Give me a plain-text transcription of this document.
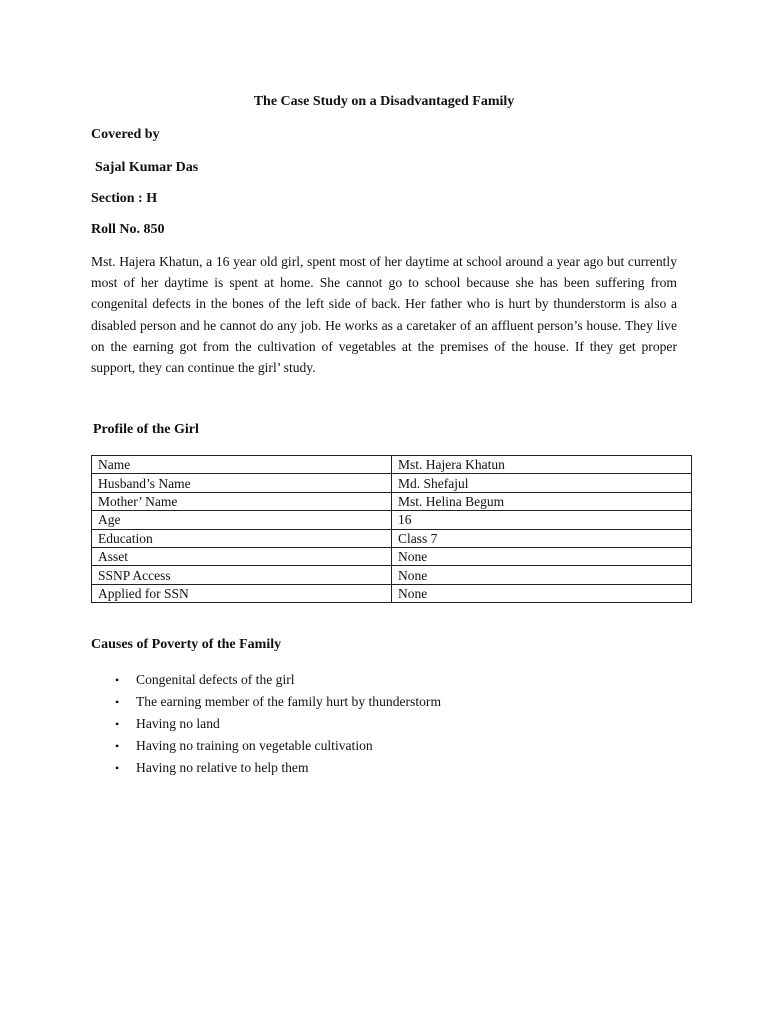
The Case Study on a Disadvantaged Family
Covered by
Sajal Kumar Das
Section : H
Roll No. 850
Mst. Hajera Khatun, a 16 year old girl, spent most of her daytime at school around a year ago but currently most of her daytime is spent at home. She cannot go to school because she has been suffering from congenital defects in the bones of the left side of back. Her father who is hurt by thunderstorm is also a disabled person and he cannot do any job. He works as a caretaker of an affluent person’s house. They live on the earning got from the cultivation of vegetables at the premises of the house. If they get proper support, they can continue the girl’ study.
Profile of the Girl
Name	Mst. Hajera Khatun
Husband’s Name	Md. Shefajul
Mother’ Name	Mst. Helina Begum
Age	16
Education	Class 7
Asset	None
SSNP Access	None
Applied for SSN	None
Causes of Poverty of the Family
• Congenital defects of the girl
• The earning member of the family hurt by thunderstorm
• Having no land
• Having no training on vegetable cultivation
• Having no relative to help them
